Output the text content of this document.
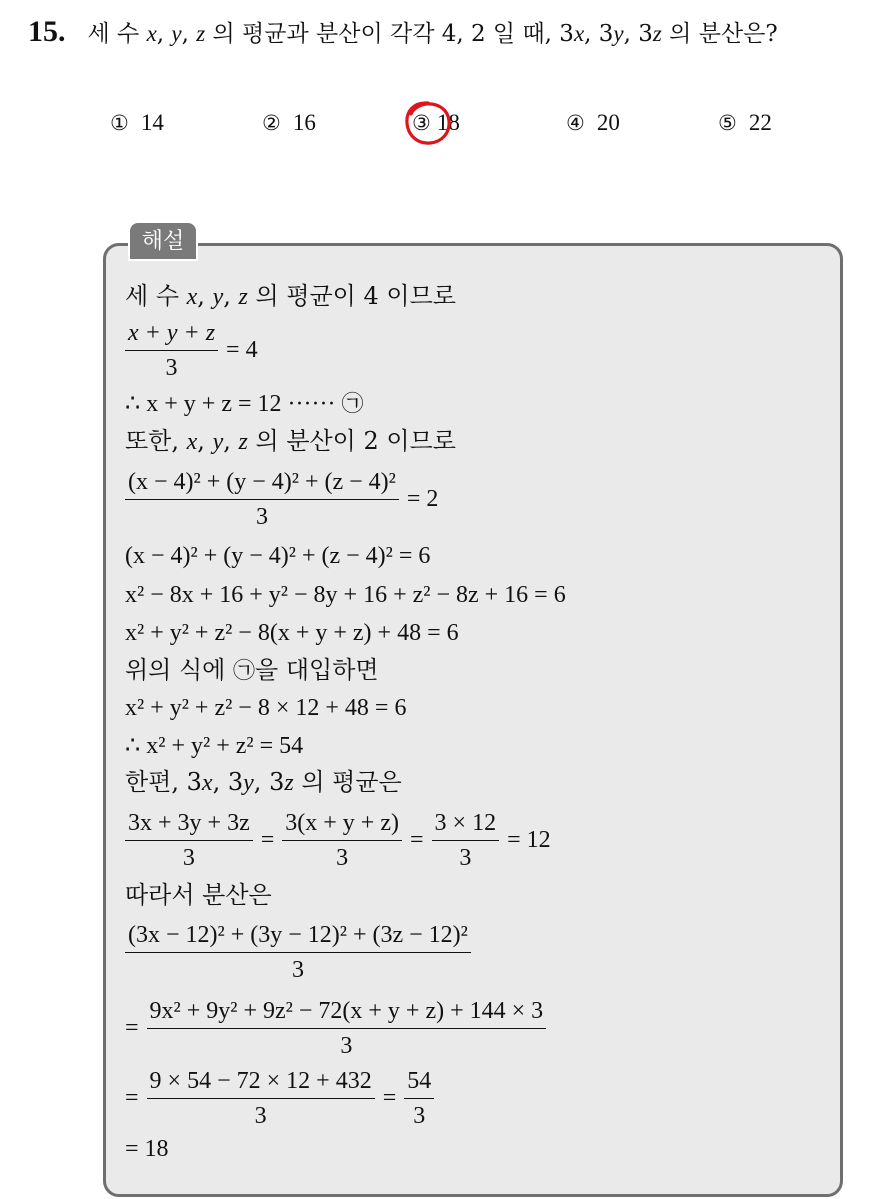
15. 세 수 x, y, z 의 평균과 분산이 각각 4, 2 일 때, 3x, 3y, 3z 의 분산은?
① 14	② 16	③ 18	④ 20	⑤ 22
해설
세 수 x, y, z 의 평균이 4 이므로
$\frac{x + y + z}{3} = 4$
∴ x + y + z = 12 ······ ㉠
또한, x, y, z 의 분산이 2 이므로
$\frac{\text{(x − 4)² + (y − 4)² + (z − 4)²}}{3} = 2$
(x − 4)² + (y − 4)² + (z − 4)² = 6
x² − 8x + 16 + y² − 8y + 16 + z² − 8z + 16 = 6
x² + y² + z² − 8(x + y + z) + 48 = 6
위의 식에 ㉠을 대입하면
x² + y² + z² − 8 × 12 + 48 = 6
∴ x² + y² + z² = 54
한편, 3x, 3y, 3z 의 평균은
$\frac{3x + 3y + 3z}{3} = \frac{3(x + y + z)}{3} = \frac{3 \times 12}{3} = 12$
따라서 분산은
$\frac{\text{(3x − 12)² + (3y − 12)² + (3z − 12)²}}{3}$
= $\frac{\text{9x² + 9y² + 9z² − 72(x + y + z) + 144 × 3}}{3}$
= $\frac{9 \times 54 - 72 \times 12 + 432}{3} = \frac{54}{3}$
= 18
